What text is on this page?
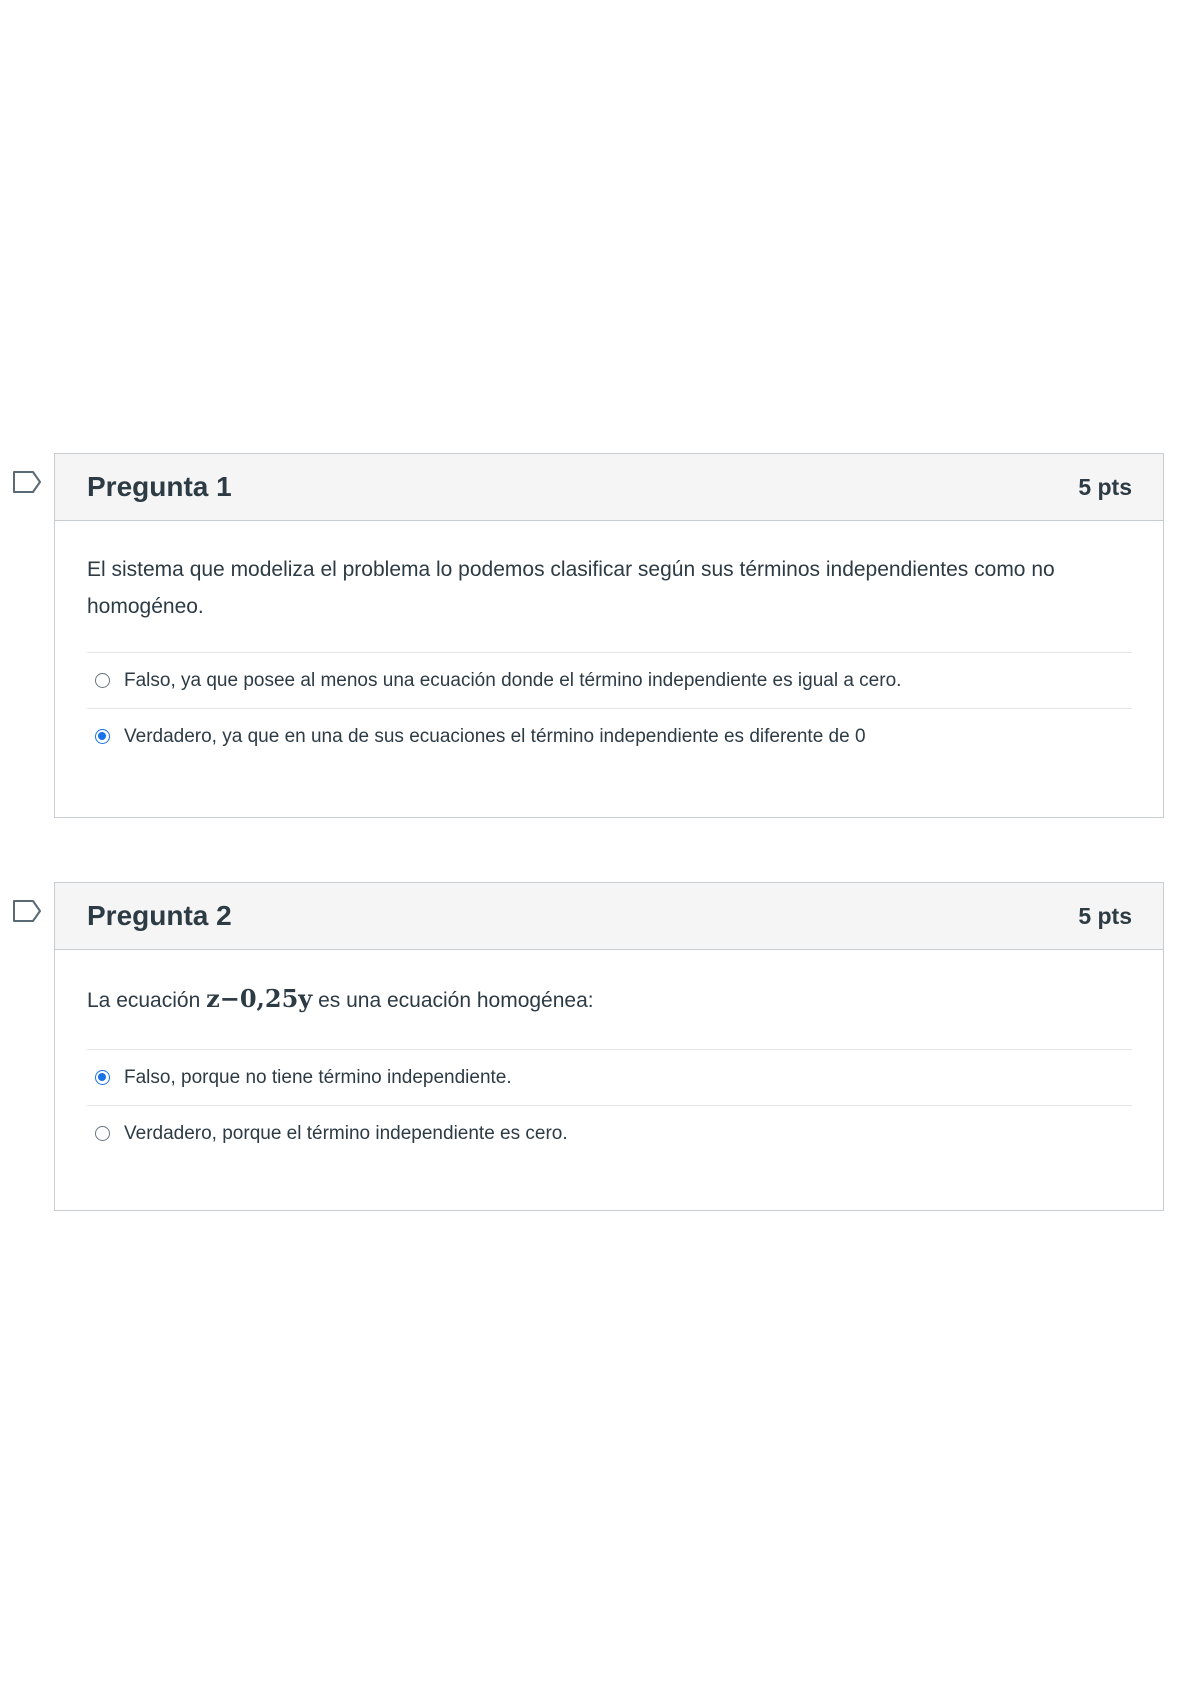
Pregunta 1	5 pts

El sistema que modeliza el problema lo podemos clasificar según sus términos independientes como no homogéneo.

Falso, ya que posee al menos una ecuación donde el término independiente es igual a cero.
Verdadero, ya que en una de sus ecuaciones el término independiente es diferente de 0
Pregunta 2	5 pts

La ecuación z−0,25y es una ecuación homogénea:

Falso, porque no tiene término independiente.
Verdadero, porque el término independiente es cero.
